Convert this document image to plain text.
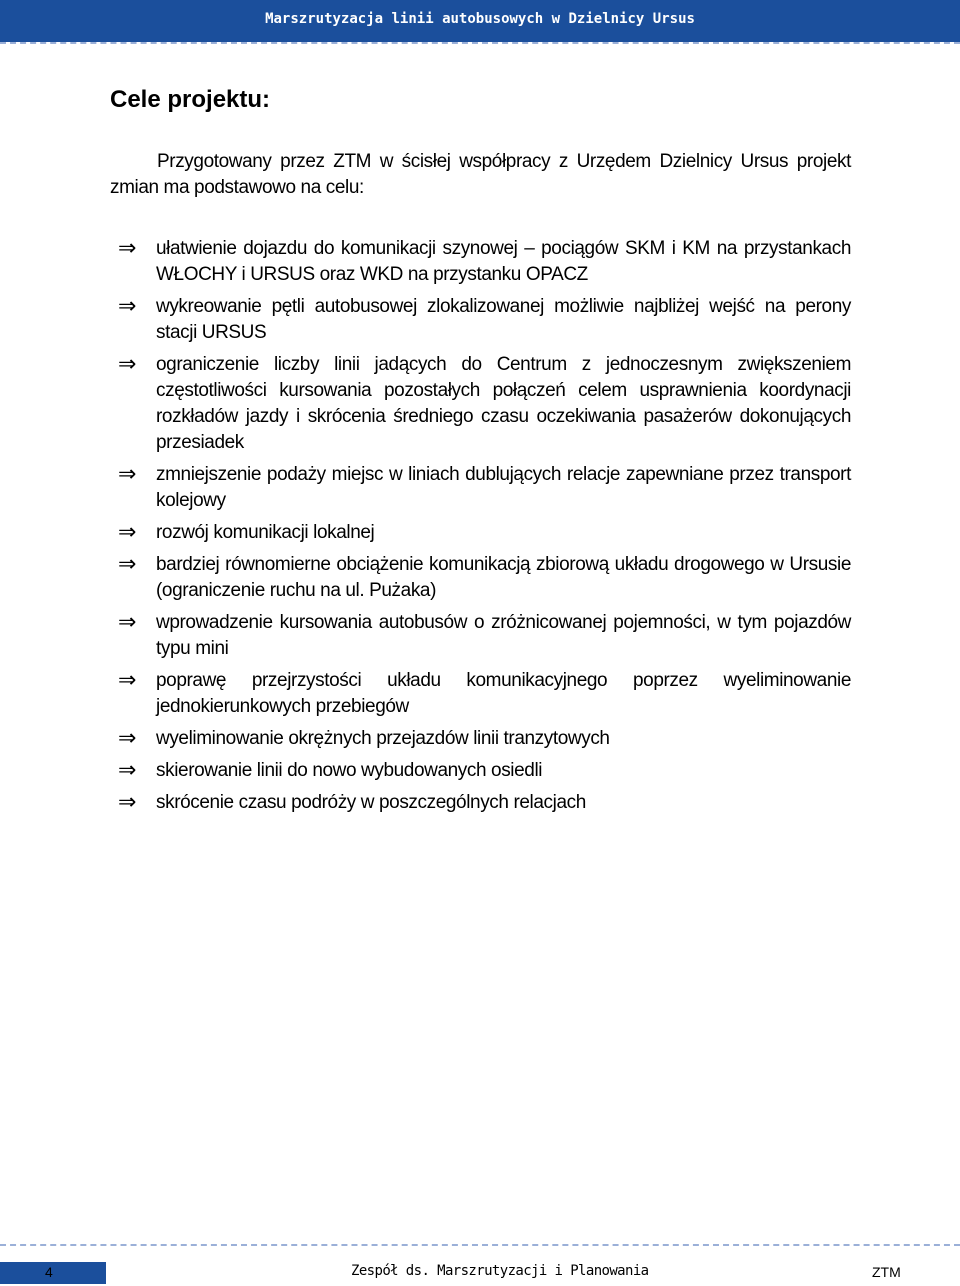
Marszrutyzacja linii autobusowych w Dzielnicy Ursus
Cele projektu:

Przygotowany przez ZTM w ścisłej współpracy z Urzędem Dzielnicy Ursus projekt zmian ma podstawowo na celu:

⇒ ułatwienie dojazdu do komunikacji szynowej – pociągów SKM i KM na przystankach WŁOCHY i URSUS oraz WKD na przystanku OPACZ
⇒ wykreowanie pętli autobusowej zlokalizowanej możliwie najbliżej wejść na perony stacji URSUS
⇒ ograniczenie liczby linii jadących do Centrum z jednoczesnym zwiększeniem częstotliwości kursowania pozostałych połączeń celem usprawnienia koordynacji rozkładów jazdy i skrócenia średniego czasu oczekiwania pasażerów dokonujących przesiadek
⇒ zmniejszenie podaży miejsc w liniach dublujących relacje zapewniane przez transport kolejowy
⇒ rozwój komunikacji lokalnej
⇒ bardziej równomierne obciążenie komunikacją zbiorową układu drogowego w Ursusie (ograniczenie ruchu na ul. Pużaka)
⇒ wprowadzenie kursowania autobusów o zróżnicowanej pojemności, w tym pojazdów typu mini
⇒ poprawę przejrzystości układu komunikacyjnego poprzez wyeliminowanie jednokierunkowych przebiegów
⇒ wyeliminowanie okrężnych przejazdów linii tranzytowych
⇒ skierowanie linii do nowo wybudowanych osiedli
⇒ skrócenie czasu podróży w poszczególnych relacjach
4	Zespół ds. Marszrutyzacji i Planowania	ZTM
